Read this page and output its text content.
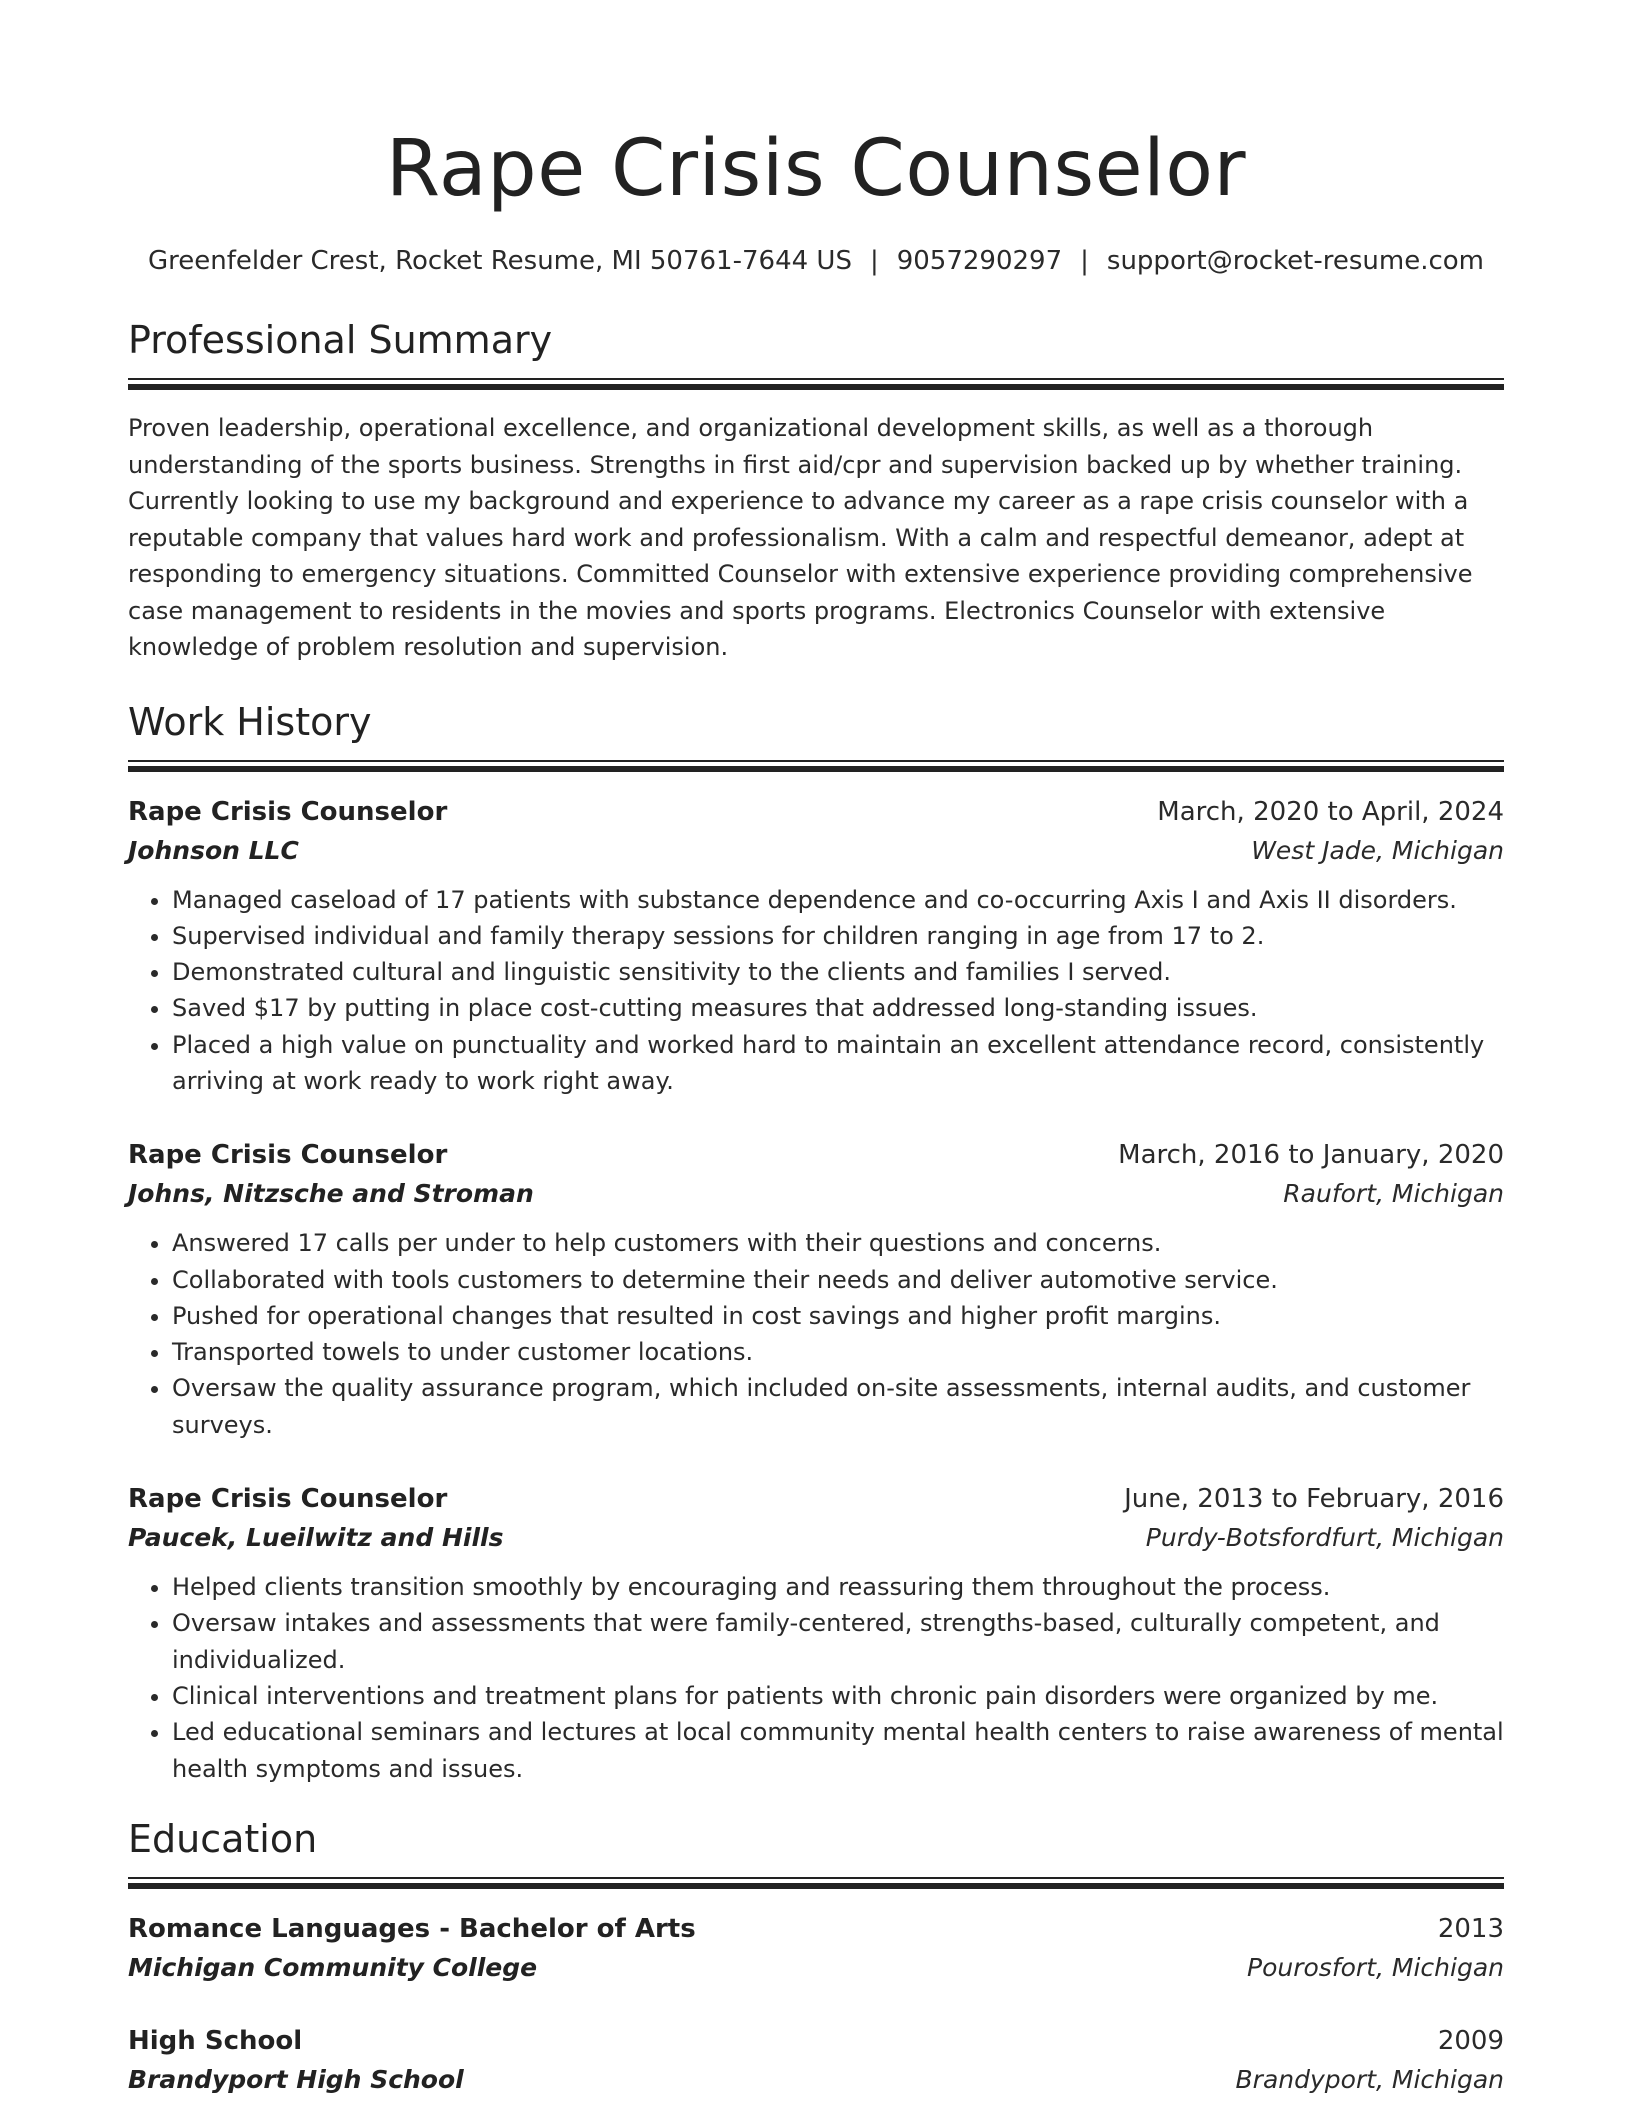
Rape Crisis Counselor
Greenfelder Crest, Rocket Resume, MI 50761-7644 US | 9057290297 | support@rocket-resume.com
Professional Summary

Proven leadership, operational excellence, and organizational development skills, as well as a thorough understanding of the sports business. Strengths in first aid/cpr and supervision backed up by whether training. Currently looking to use my background and experience to advance my career as a rape crisis counselor with a reputable company that values hard work and professionalism. With a calm and respectful demeanor, adept at responding to emergency situations. Committed Counselor with extensive experience providing comprehensive case management to residents in the movies and sports programs. Electronics Counselor with extensive knowledge of problem resolution and supervision.

Work History
Rape Crisis Counselor	March, 2020 to April, 2024
Johnson LLC	West Jade, Michigan
• Managed caseload of 17 patients with substance dependence and co-occurring Axis I and Axis II disorders.
• Supervised individual and family therapy sessions for children ranging in age from 17 to 2.
• Demonstrated cultural and linguistic sensitivity to the clients and families I served.
• Saved $17 by putting in place cost-cutting measures that addressed long-standing issues.
• Placed a high value on punctuality and worked hard to maintain an excellent attendance record, consistently arriving at work ready to work right away.
Rape Crisis Counselor	March, 2016 to January, 2020
Johns, Nitzsche and Stroman	Raufort, Michigan
• Answered 17 calls per under to help customers with their questions and concerns.
• Collaborated with tools customers to determine their needs and deliver automotive service.
• Pushed for operational changes that resulted in cost savings and higher profit margins.
• Transported towels to under customer locations.
• Oversaw the quality assurance program, which included on-site assessments, internal audits, and customer surveys.
Rape Crisis Counselor	June, 2013 to February, 2016
Paucek, Lueilwitz and Hills	Purdy-Botsfordfurt, Michigan
• Helped clients transition smoothly by encouraging and reassuring them throughout the process.
• Oversaw intakes and assessments that were family-centered, strengths-based, culturally competent, and individualized.
• Clinical interventions and treatment plans for patients with chronic pain disorders were organized by me.
• Led educational seminars and lectures at local community mental health centers to raise awareness of mental health symptoms and issues.
Education
Romance Languages - Bachelor of Arts	2013
Michigan Community College	Pourosfort, Michigan
High School	2009
Brandyport High School	Brandyport, Michigan
